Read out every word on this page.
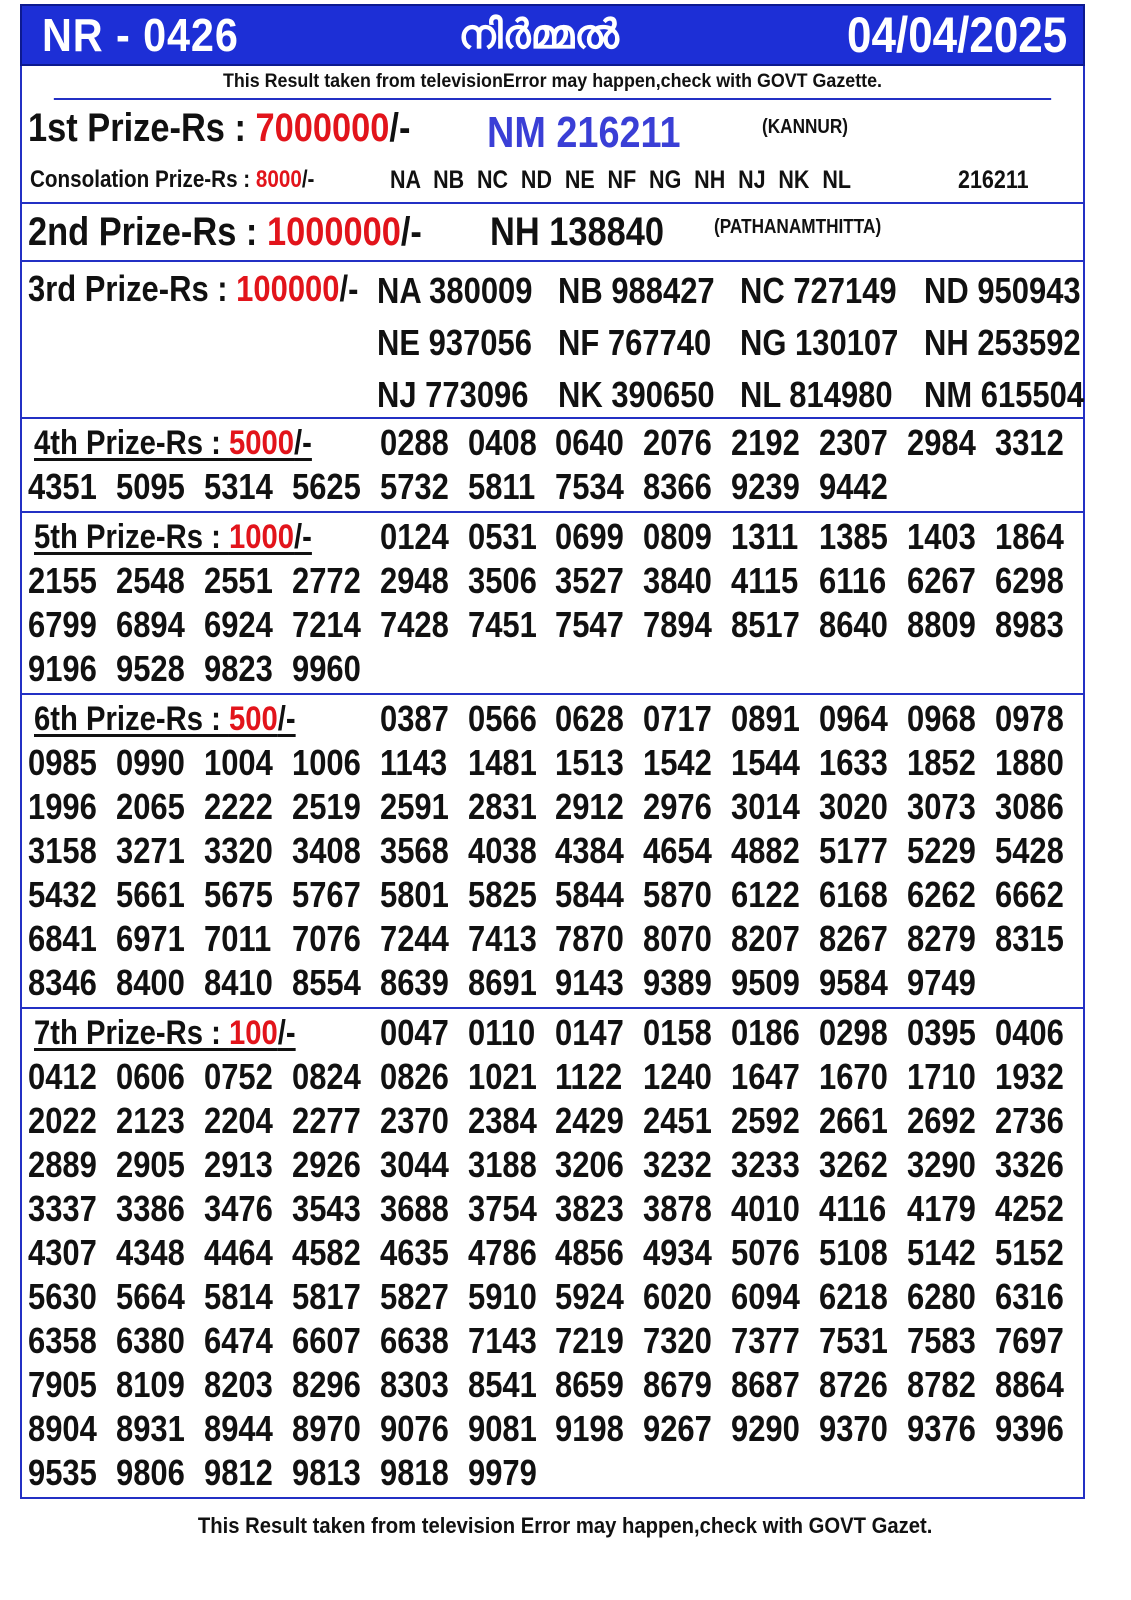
NR - 0426	നിർമ്മൽ	04/04/2025
This Result taken from televisionError may happen,check with GOVT Gazette.
1st Prize-Rs : 7000000/-	NM 216211	(KANNUR)
Consolation Prize-Rs : 8000/-	NA NB NC ND NE NF NG NH NJ NK NL	216211
2nd Prize-Rs : 1000000/-	NH 138840	(PATHANAMTHITTA)
3rd Prize-Rs : 100000/- NA 380009 NB 988427 NC 727149 ND 950943
NE 937056 NF 767740 NG 130107 NH 253592
NJ 773096 NK 390650 NL 814980 NM 615504
4th Prize-Rs : 5000/-	0288 0408 0640 2076 2192 2307 2984 3312
4351 5095 5314 5625 5732 5811 7534 8366 9239 9442
5th Prize-Rs : 1000/-	0124 0531 0699 0809 1311 1385 1403 1864
2155 2548 2551 2772 2948 3506 3527 3840 4115 6116 6267 6298
6799 6894 6924 7214 7428 7451 7547 7894 8517 8640 8809 8983
9196 9528 9823 9960
6th Prize-Rs : 500/-	0387 0566 0628 0717 0891 0964 0968 0978
0985 0990 1004 1006 1143 1481 1513 1542 1544 1633 1852 1880
1996 2065 2222 2519 2591 2831 2912 2976 3014 3020 3073 3086
3158 3271 3320 3408 3568 4038 4384 4654 4882 5177 5229 5428
5432 5661 5675 5767 5801 5825 5844 5870 6122 6168 6262 6662
6841 6971 7011 7076 7244 7413 7870 8070 8207 8267 8279 8315
8346 8400 8410 8554 8639 8691 9143 9389 9509 9584 9749
7th Prize-Rs : 100/-	0047 0110 0147 0158 0186 0298 0395 0406
0412 0606 0752 0824 0826 1021 1122 1240 1647 1670 1710 1932
2022 2123 2204 2277 2370 2384 2429 2451 2592 2661 2692 2736
2889 2905 2913 2926 3044 3188 3206 3232 3233 3262 3290 3326
3337 3386 3476 3543 3688 3754 3823 3878 4010 4116 4179 4252
4307 4348 4464 4582 4635 4786 4856 4934 5076 5108 5142 5152
5630 5664 5814 5817 5827 5910 5924 6020 6094 6218 6280 6316
6358 6380 6474 6607 6638 7143 7219 7320 7377 7531 7583 7697
7905 8109 8203 8296 8303 8541 8659 8679 8687 8726 8782 8864
8904 8931 8944 8970 9076 9081 9198 9267 9290 9370 9376 9396
9535 9806 9812 9813 9818 9979
This Result taken from television Error may happen,check with GOVT Gazet.
